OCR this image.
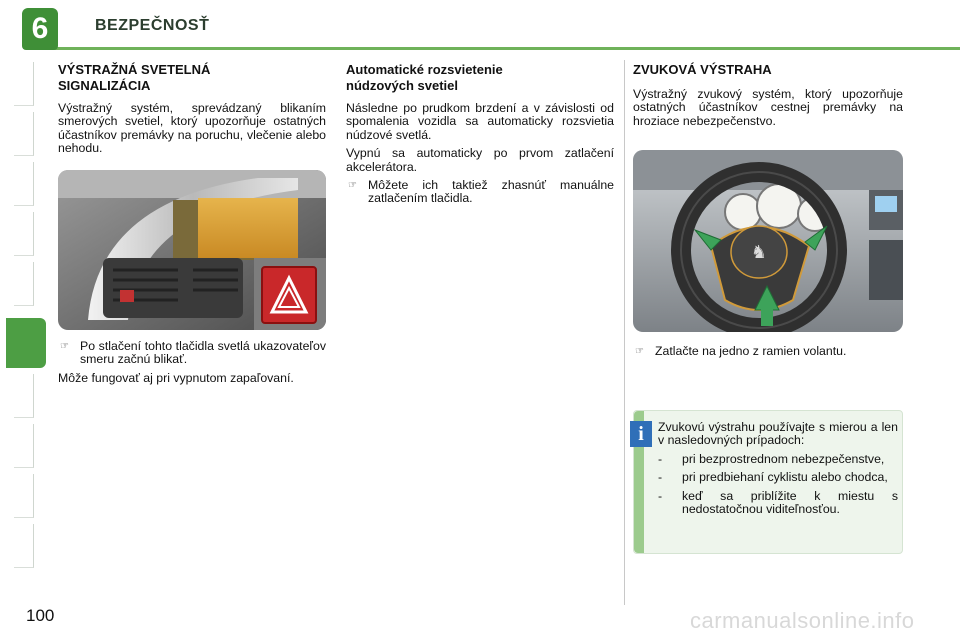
6	BEZPEČNOSŤ
VÝSTRAŽNÁ SVETELNÁ
SIGNALIZÁCIA

Výstražný systém, sprevádzaný blikaním smerových svetiel, ktorý upozorňuje ostatných účastníkov premávky na poruchu, vlečenie alebo nehodu.

☞ Po stlačení tohto tlačidla svetlá ukazovateľov smeru začnú blikať.

Môže fungovať aj pri vypnutom zapaľovaní.

Automatické rozsvietenie
núdzových svetiel

Následne po prudkom brzdení a v závislosti od spomalenia vozidla sa automaticky rozsvietia núdzové svetlá.

Vypnú sa automaticky po prvom zatlačení akcelerátora.

☞ Môžete ich taktiež zhasnúť manuálne zatlačením tlačidla.
ZVUKOVÁ VÝSTRAHA

Výstražný zvukový systém, ktorý upozorňuje ostatných účastníkov cestnej premávky na hroziace nebezpečenstvo.

♞
☞ Zatlačte na jedno z ramien volantu.
i	Zvukovú výstrahu používajte s mierou a len v nasledovných prípadoch:

- pri bezprostrednom nebezpečenstve,
- pri predbiehaní cyklistu alebo chodca,
- keď sa priblížite k miestu s nedostatočnou viditeľnosťou.
100	carmanualsonline.info
